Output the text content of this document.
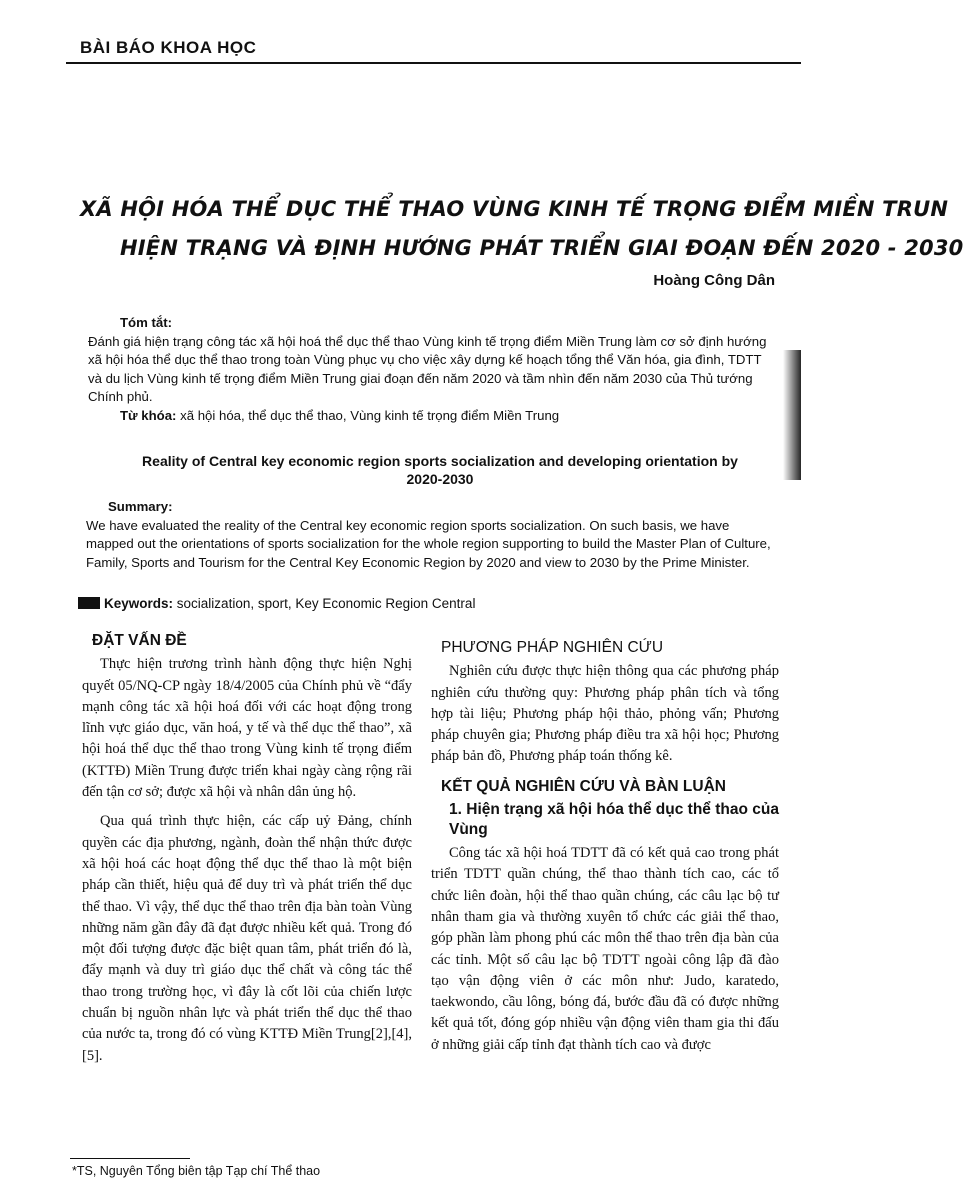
BÀI BÁO KHOA HỌC
XÃ HỘI HÓA THỂ DỤC THỂ THAO VÙNG KINH TẾ TRỌNG ĐIỂM MIỀN TRUN
HIỆN TRẠNG VÀ ĐỊNH HƯỚNG PHÁT TRIỂN GIAI ĐOẠN ĐẾN 2020 - 2030
Hoàng Công Dân
Tóm tắt:
Đánh giá hiện trạng công tác xã hội hoá thể dục thể thao Vùng kinh tế trọng điểm Miền Trung làm cơ sở định hướng xã hội hóa thể dục thể thao trong toàn Vùng phục vụ cho việc xây dựng kế hoạch tổng thể Văn hóa, gia đình, TDTT và du lịch Vùng kinh tế trọng điểm Miền Trung giai đoạn đến năm 2020 và tầm nhìn đến năm 2030 của Thủ tướng Chính phủ.
Từ khóa: xã hội hóa, thể dục thể thao, Vùng kinh tế trọng điểm Miền Trung
Reality of Central key economic region sports socialization and developing orientation by 2020-2030
Summary:
We have evaluated the reality of the Central key economic region sports socialization. On such basis, we have mapped out the orientations of sports socialization for the whole region supporting to build the Master Plan of Culture, Family, Sports and Tourism for the Central Key Economic Region by 2020 and view to 2030 by the Prime Minister.
Keywords: socialization, sport, Key Economic Region Central
ĐẶT VẤN ĐỀ

Thực hiện trương trình hành động thực hiện Nghị quyết 05/NQ-CP ngày 18/4/2005 của Chính phủ về “đẩy mạnh công tác xã hội hoá đối với các hoạt động trong lĩnh vực giáo dục, văn hoá, y tế và thể dục thể thao”, xã hội hoá thể dục thể thao trong Vùng kinh tế trọng điểm (KTTĐ) Miền Trung được triển khai ngày càng rộng rãi đến tận cơ sở; được xã hội và nhân dân ủng hộ.

Qua quá trình thực hiện, các cấp uỷ Đảng, chính quyền các địa phương, ngành, đoàn thể nhận thức được xã hội hoá các hoạt động thể dục thể thao là một biện pháp cần thiết, hiệu quả để duy trì và phát triển thể dục thể thao. Vì vậy, thể dục thể thao trên địa bàn toàn Vùng những năm gần đây đã đạt được nhiều kết quả. Trong đó một đối tượng được đặc biệt quan tâm, phát triển đó là, đẩy mạnh và duy trì giáo dục thể chất và công tác thể thao trong trường học, vì đây là cốt lõi của chiến lược chuẩn bị nguồn nhân lực và phát triển thể dục thể thao của nước ta, trong đó có vùng KTTĐ Miền Trung[2],[4],[5].

PHƯƠNG PHÁP NGHIÊN CỨU

Nghiên cứu được thực hiện thông qua các phương pháp nghiên cứu thường quy: Phương pháp phân tích và tổng hợp tài liệu; Phương pháp hội thảo, phỏng vấn; Phương pháp chuyên gia; Phương pháp điều tra xã hội học; Phương pháp bản đồ, Phương pháp toán thống kê.

KẾT QUẢ NGHIÊN CỨU VÀ BÀN LUẬN
1. Hiện trạng xã hội hóa thể dục thể thao của Vùng

Công tác xã hội hoá TDTT đã có kết quả cao trong phát triển TDTT quần chúng, thể thao thành tích cao, các tổ chức liên đoàn, hội thể thao quần chúng, các câu lạc bộ tư nhân tham gia và thường xuyên tổ chức các giải thể thao, góp phần làm phong phú các môn thể thao trên địa bàn của các tỉnh. Một số câu lạc bộ TDTT ngoài công lập đã đào tạo vận động viên ở các môn như: Judo, karatedo, taekwondo, cầu lông, bóng đá, bước đầu đã có được những kết quả tốt, đóng góp nhiều vận động viên tham gia thi đấu ở những giải cấp tỉnh đạt thành tích cao và được

*TS, Nguyên Tổng biên tập Tạp chí Thể thao
